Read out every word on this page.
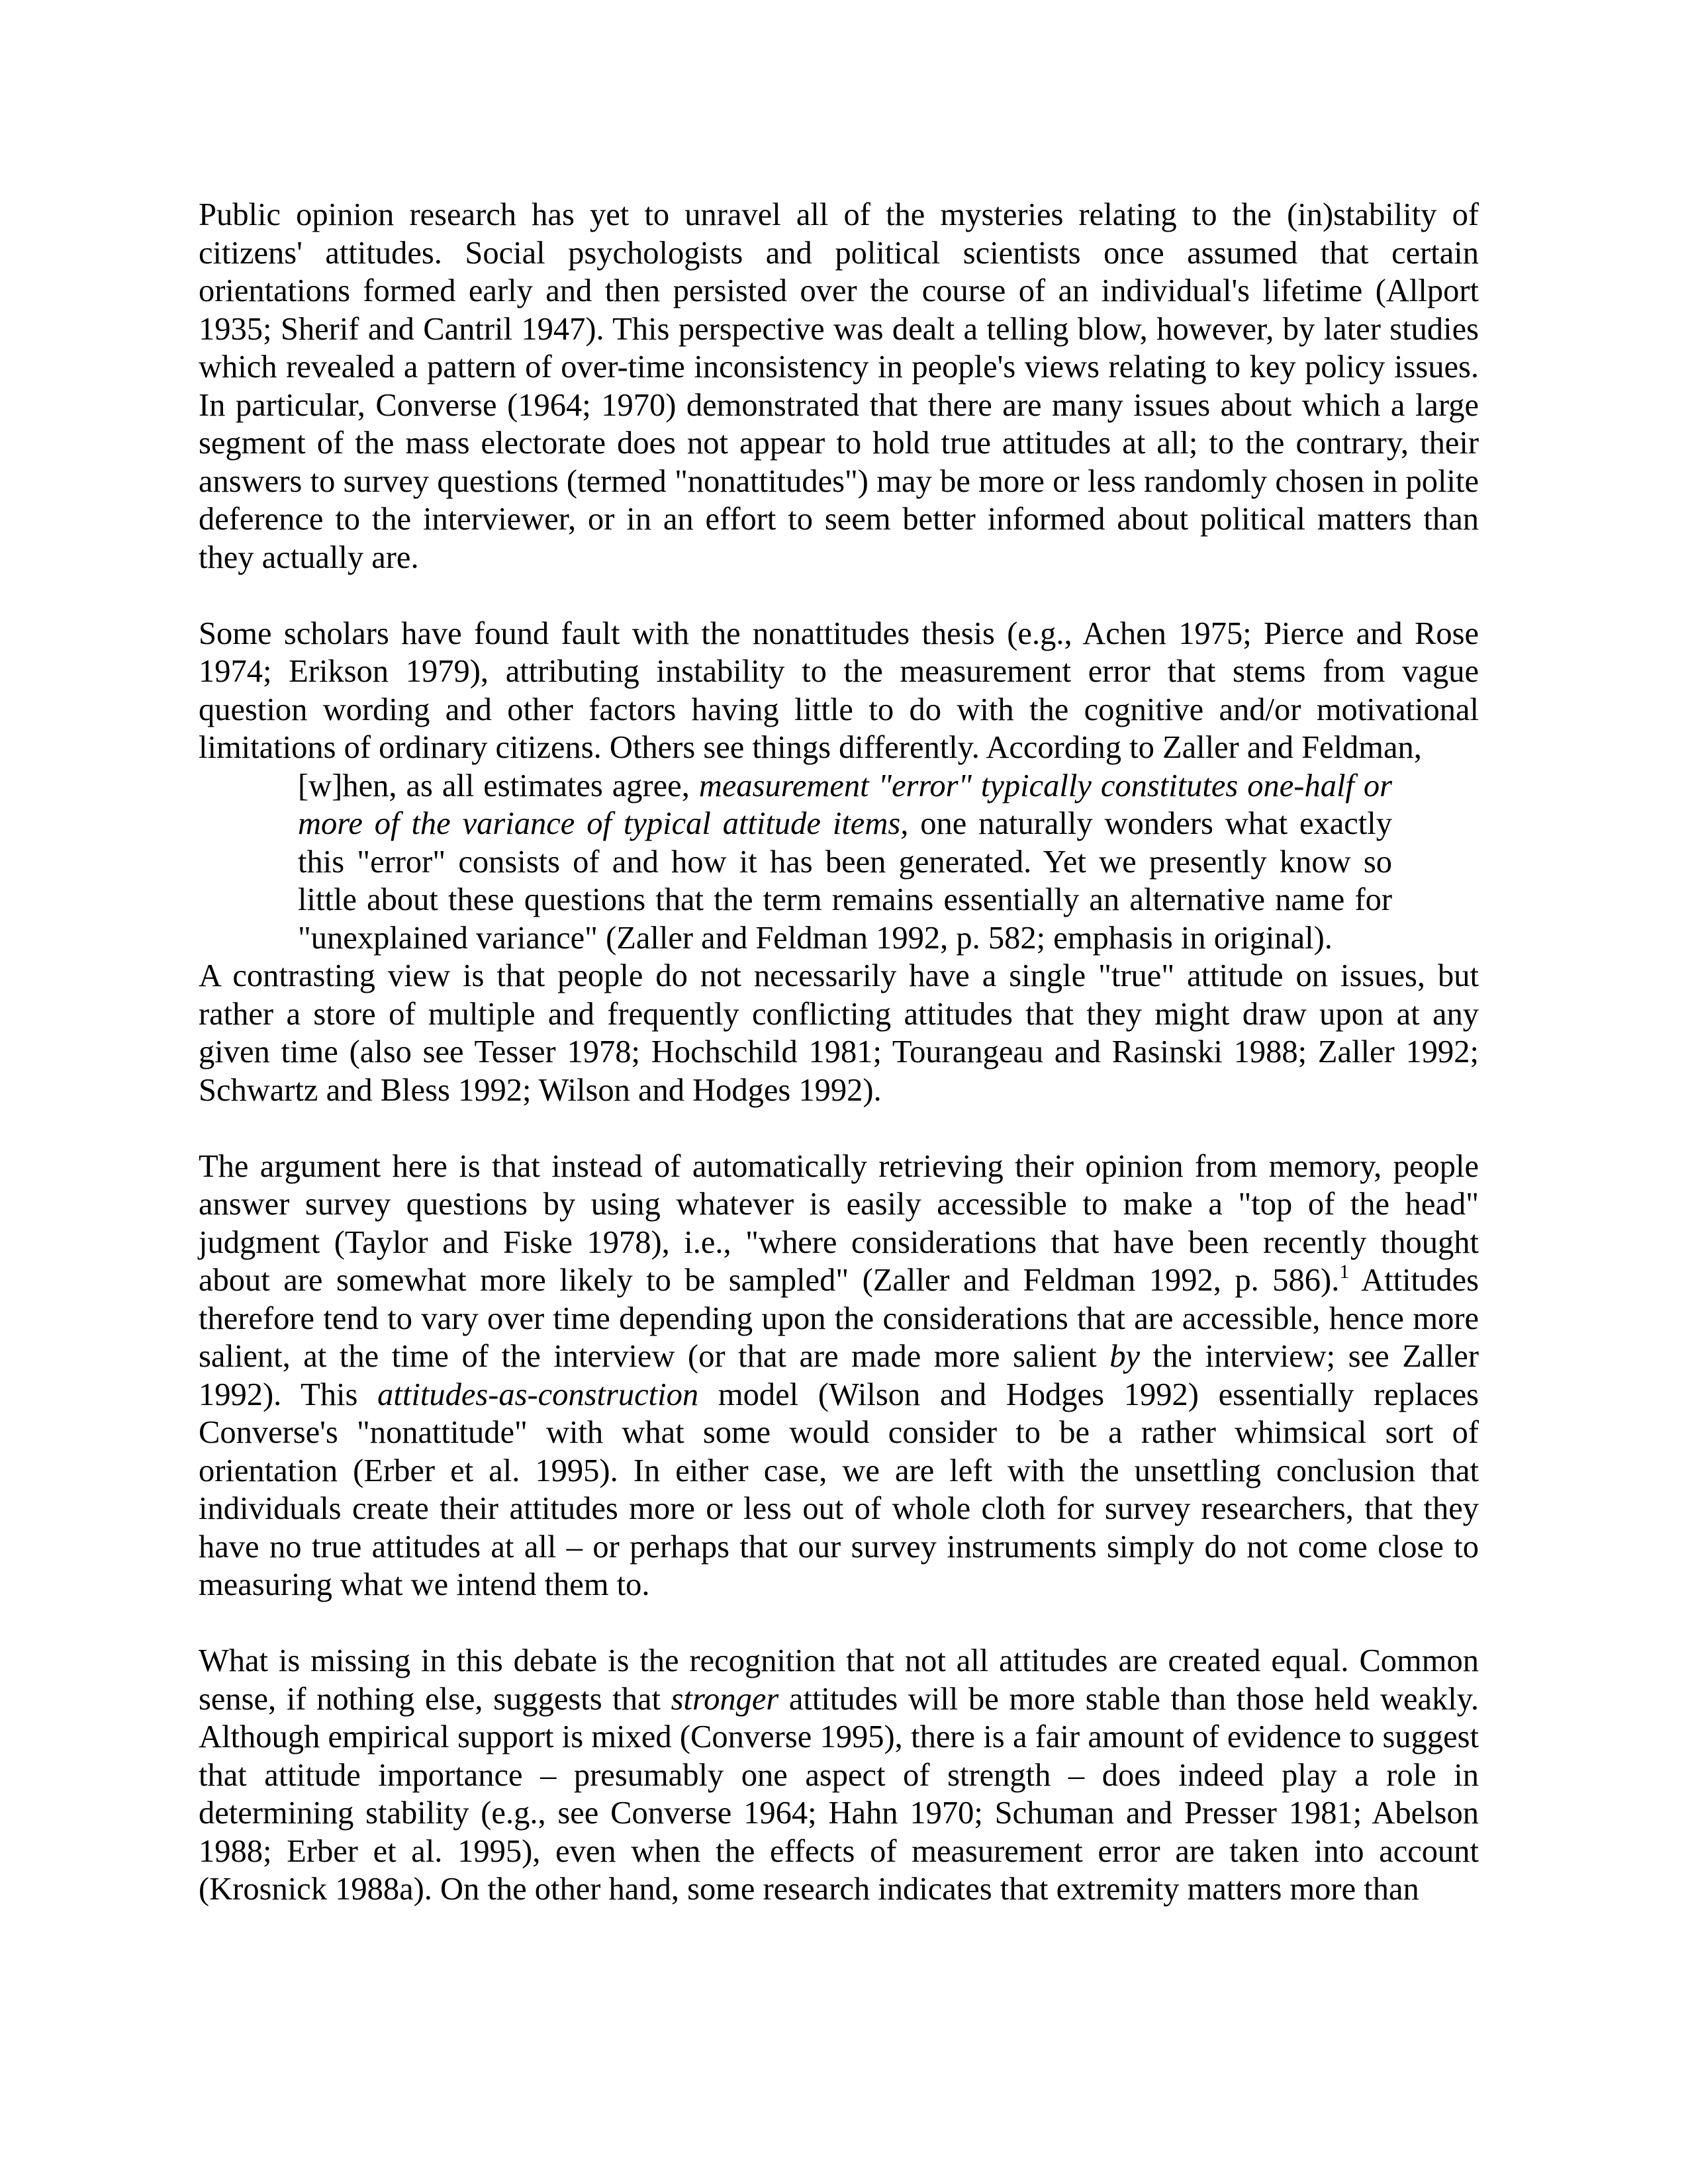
Public opinion research has yet to unravel all of the mysteries relating to the (in)stability of citizens' attitudes. Social psychologists and political scientists once assumed that certain orientations formed early and then persisted over the course of an individual's lifetime (Allport 1935; Sherif and Cantril 1947). This perspective was dealt a telling blow, however, by later studies which revealed a pattern of over-time inconsistency in people's views relating to key policy issues. In particular, Converse (1964; 1970) demonstrated that there are many issues about which a large segment of the mass electorate does not appear to hold true attitudes at all; to the contrary, their answers to survey questions (termed "nonattitudes") may be more or less randomly chosen in polite deference to the interviewer, or in an effort to seem better informed about political matters than they actually are.

Some scholars have found fault with the nonattitudes thesis (e.g., Achen 1975; Pierce and Rose 1974; Erikson 1979), attributing instability to the measurement error that stems from vague question wording and other factors having little to do with the cognitive and/or motivational limitations of ordinary citizens. Others see things differently. According to Zaller and Feldman,

[w]hen, as all estimates agree, measurement "error" typically constitutes one-half or more of the variance of typical attitude items, one naturally wonders what exactly this "error" consists of and how it has been generated. Yet we presently know so little about these questions that the term remains essentially an alternative name for "unexplained variance" (Zaller and Feldman 1992, p. 582; emphasis in original).

A contrasting view is that people do not necessarily have a single "true" attitude on issues, but rather a store of multiple and frequently conflicting attitudes that they might draw upon at any given time (also see Tesser 1978; Hochschild 1981; Tourangeau and Rasinski 1988; Zaller 1992; Schwartz and Bless 1992; Wilson and Hodges 1992).

The argument here is that instead of automatically retrieving their opinion from memory, people answer survey questions by using whatever is easily accessible to make a "top of the head" judgment (Taylor and Fiske 1978), i.e., "where considerations that have been recently thought about are somewhat more likely to be sampled" (Zaller and Feldman 1992, p. 586).$^1$ Attitudes therefore tend to vary over time depending upon the considerations that are accessible, hence more salient, at the time of the interview (or that are made more salient by the interview; see Zaller 1992). This attitudes-as-construction model (Wilson and Hodges 1992) essentially replaces Converse's "nonattitude" with what some would consider to be a rather whimsical sort of orientation (Erber et al. 1995). In either case, we are left with the unsettling conclusion that individuals create their attitudes more or less out of whole cloth for survey researchers, that they have no true attitudes at all – or perhaps that our survey instruments simply do not come close to measuring what we intend them to.

What is missing in this debate is the recognition that not all attitudes are created equal. Common sense, if nothing else, suggests that stronger attitudes will be more stable than those held weakly. Although empirical support is mixed (Converse 1995), there is a fair amount of evidence to suggest that attitude importance – presumably one aspect of strength – does indeed play a role in determining stability (e.g., see Converse 1964; Hahn 1970; Schuman and Presser 1981; Abelson 1988; Erber et al. 1995), even when the effects of measurement error are taken into account (Krosnick 1988a). On the other hand, some research indicates that extremity matters more than
